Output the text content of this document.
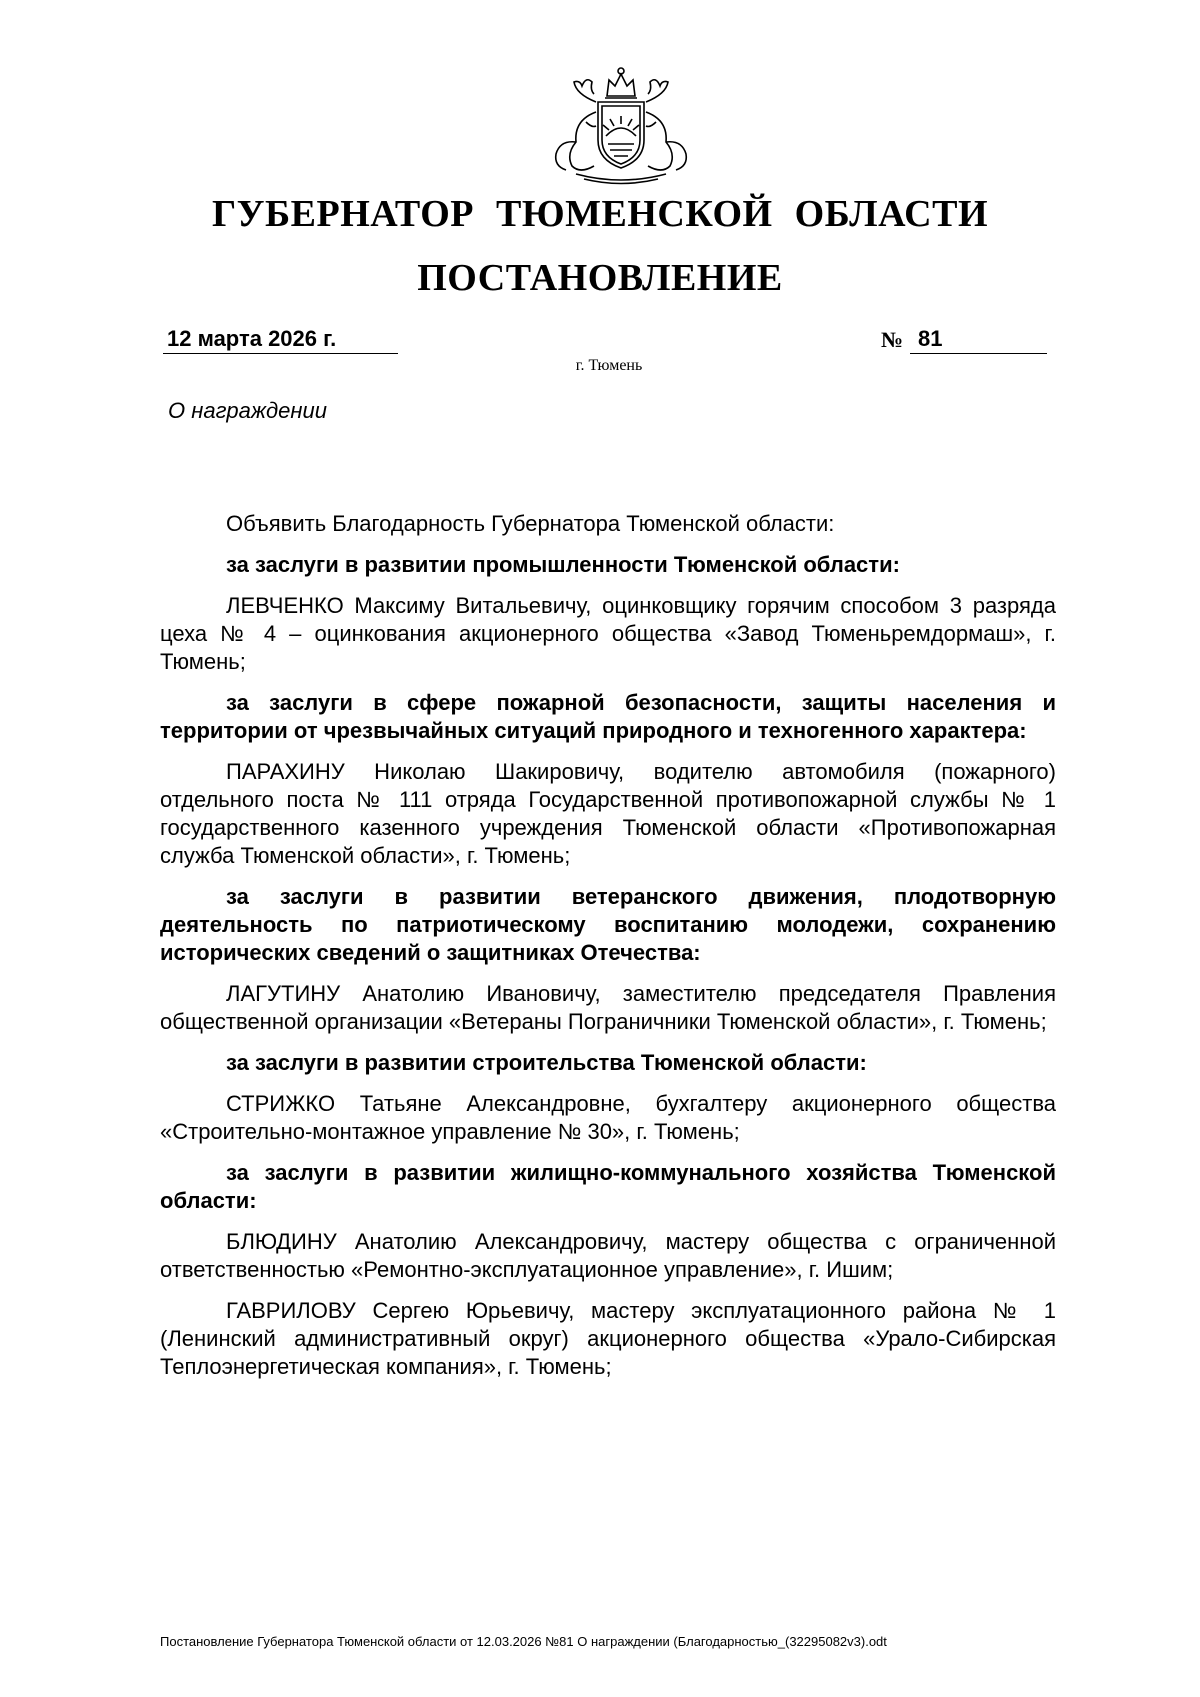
ГУБЕРНАТОР ТЮМЕНСКОЙ ОБЛАСТИ
ПОСТАНОВЛЕНИЕ
12 марта 2026 г.	№ 81
г. Тюмень
О награждении

Объявить Благодарность Губернатора Тюменской области:

за заслуги в развитии промышленности Тюменской области:

ЛЕВЧЕНКО Максиму Витальевичу, оцинковщику горячим способом 3 разряда цеха № 4 – оцинкования акционерного общества «Завод Тюменьремдормаш», г. Тюмень;

за заслуги в сфере пожарной безопасности, защиты населения и территории от чрезвычайных ситуаций природного и техногенного характера:

ПАРАХИНУ Николаю Шакировичу, водителю автомобиля (пожарного) отдельного поста № 111 отряда Государственной противопожарной службы № 1 государственного казенного учреждения Тюменской области «Противопожарная служба Тюменской области», г. Тюмень;

за заслуги в развитии ветеранского движения, плодотворную деятельность по патриотическому воспитанию молодежи, сохранению исторических сведений о защитниках Отечества:

ЛАГУТИНУ Анатолию Ивановичу, заместителю председателя Правления общественной организации «Ветераны Пограничники Тюменской области», г. Тюмень;

за заслуги в развитии строительства Тюменской области:

СТРИЖКО Татьяне Александровне, бухгалтеру акционерного общества «Строительно-монтажное управление № 30», г. Тюмень;

за заслуги в развитии жилищно-коммунального хозяйства Тюменской области:

БЛЮДИНУ Анатолию Александровичу, мастеру общества с ограниченной ответственностью «Ремонтно-эксплуатационное управление», г. Ишим;

ГАВРИЛОВУ Сергею Юрьевичу, мастеру эксплуатационного района № 1 (Ленинский административный округ) акционерного общества «Урало-Сибирская Теплоэнергетическая компания», г. Тюмень;

Постановление Губернатора Тюменской области от 12.03.2026 №81 О награждении (Благодарностью_(32295082v3).odt
